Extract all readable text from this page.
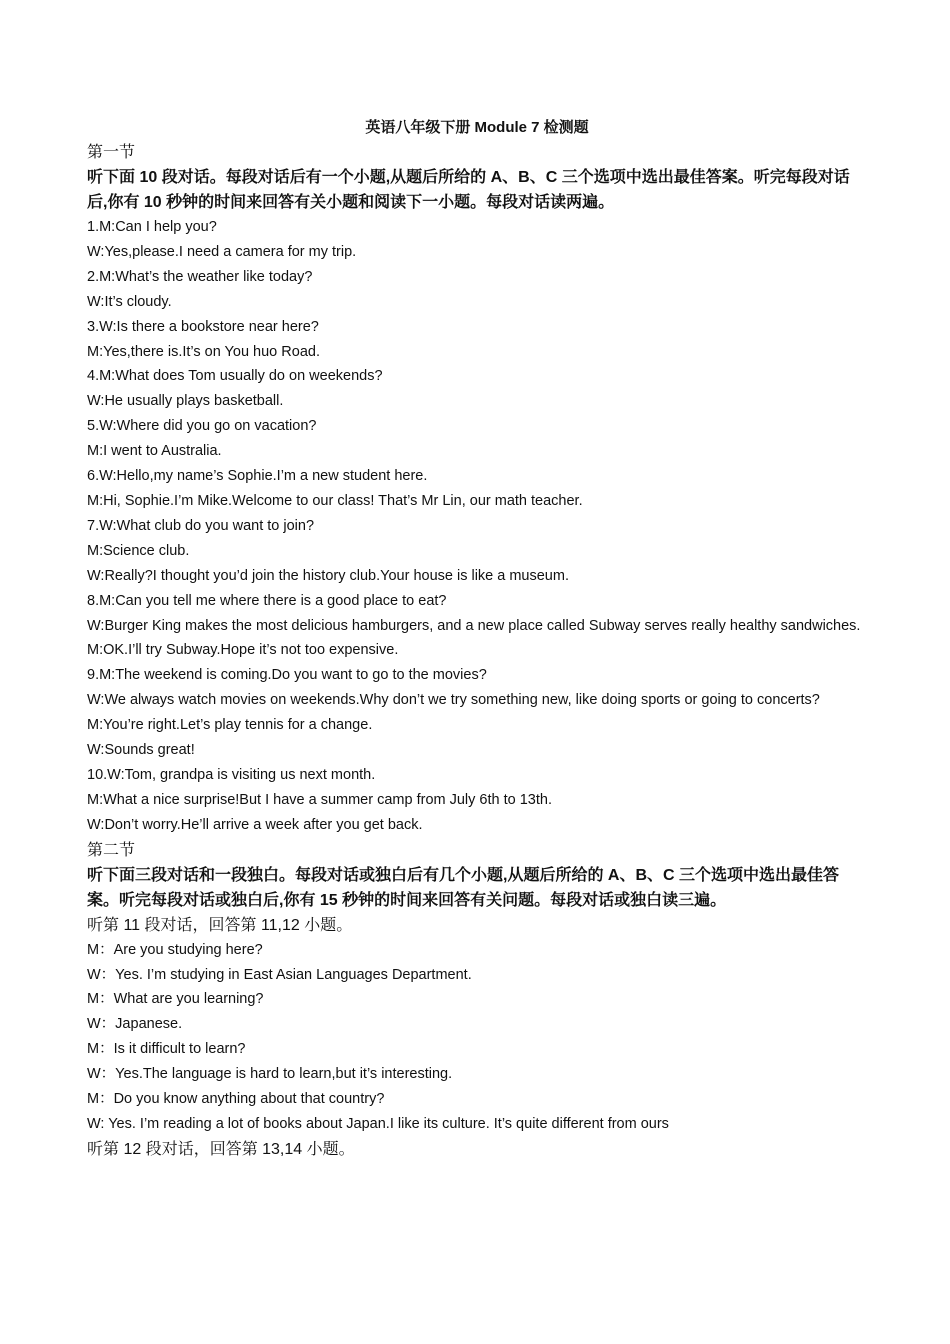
英语八年级下册 Module 7 检测题

第一节

听下面 10 段对话。每段对话后有一个小题,从题后所给的 A、B、C 三个选项中选出最佳答案。听完每段对话后,你有 10 秒钟的时间来回答有关小题和阅读下一小题。每段对话读两遍。

1.M:Can I help you?

W:Yes,please.I need a camera for my trip.

2.M:What’s the weather like today?

W:It’s cloudy.

3.W:Is there a bookstore near here?

M:Yes,there is.It’s on You huo Road.

4.M:What does Tom usually do on weekends?

W:He usually plays basketball.

5.W:Where did you go on vacation?

M:I went to Australia.

6.W:Hello,my name’s Sophie.I’m a new student here.

M:Hi, Sophie.I’m Mike.Welcome to our class! That’s Mr Lin, our math teacher.

7.W:What club do you want to join?

M:Science club.

W:Really?I thought you’d join the history club.Your house is like a museum.

8.M:Can you tell me where there is a good place to eat?

W:Burger King makes the most delicious hamburgers, and a new place called Subway serves really healthy sandwiches.

M:OK.I’ll try Subway.Hope it’s not too expensive.

9.M:The weekend is coming.Do you want to go to the movies?

W:We always watch movies on weekends.Why don’t we try something new, like doing sports or going to concerts?

M:You’re right.Let’s play tennis for a change.

W:Sounds great!

10.W:Tom, grandpa is visiting us next month.

M:What a nice surprise!But I have a summer camp from July 6th to 13th.

W:Don’t worry.He’ll arrive a week after you get back.

第二节

听下面三段对话和一段独白。每段对话或独白后有几个小题,从题后所给的 A、B、C 三个选项中选出最佳答案。听完每段对话或独白后,你有 15 秒钟的时间来回答有关问题。每段对话或独白读三遍。

听第 11 段对话，回答第 11,12 小题。

M：Are you studying here?

W：Yes. I’m studying in East Asian Languages Department.

M：What are you learning?

W：Japanese.

M：Is it difficult to learn?

W：Yes.The language is hard to learn,but it’s interesting.

M：Do you know anything about that country?

W: Yes. I’m reading a lot of books about Japan.I like its culture. It’s quite different from ours

听第 12 段对话，回答第 13,14 小题。
